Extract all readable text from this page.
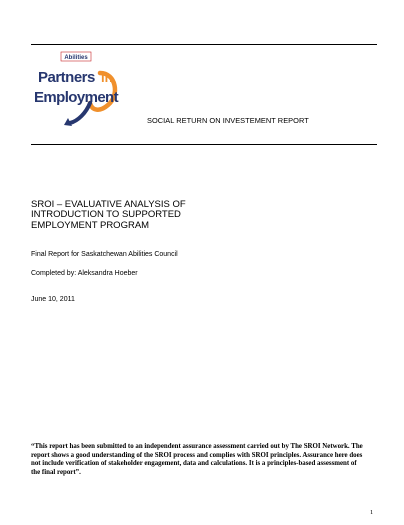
Abilities
Partners in
Employment
SOCIAL RETURN ON INVESTEMENT REPORT
SROI – EVALUATIVE ANALYSIS OF
INTRODUCTION TO SUPPORTED
EMPLOYMENT PROGRAM
Final Report for Saskatchewan Abilities Council
Completed by: Aleksandra Hoeber
June 10, 2011
“This report has been submitted to an independent assurance assessment carried out by The SROI Network. The report shows a good understanding of the SROI process and complies with SROI principles. Assurance here does not include verification of stakeholder engagement, data and calculations. It is a principles-based assessment of the final report”.
1
